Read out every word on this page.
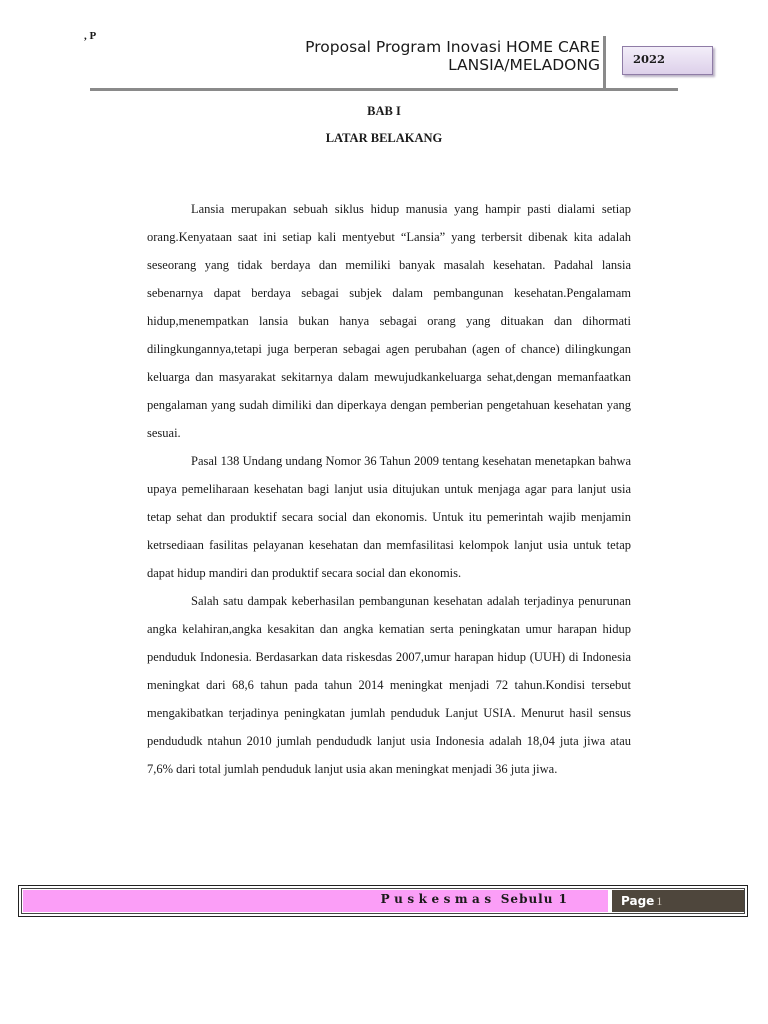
, P
Proposal Program Inovasi HOME CARE
LANSIA/MELADONG	2022
BAB I
LATAR BELAKANG

Lansia merupakan sebuah siklus hidup manusia yang hampir pasti dialami setiap orang.Kenyataan saat ini setiap kali mentyebut “Lansia” yang terbersit dibenak kita adalah seseorang yang tidak berdaya dan memiliki banyak masalah kesehatan. Padahal lansia sebenarnya dapat berdaya sebagai subjek dalam pembangunan kesehatan.Pengalamam hidup,menempatkan lansia bukan hanya sebagai orang yang dituakan dan dihormati dilingkungannya,tetapi juga berperan sebagai agen perubahan (agen of chance) dilingkungan keluarga dan masyarakat sekitarnya dalam mewujudkankeluarga sehat,dengan memanfaatkan pengalaman yang sudah dimiliki dan diperkaya dengan pemberian pengetahuan kesehatan yang sesuai.

Pasal 138 Undang undang Nomor 36 Tahun 2009 tentang kesehatan menetapkan bahwa upaya pemeliharaan kesehatan bagi lanjut usia ditujukan untuk menjaga agar para lanjut usia tetap sehat dan produktif secara social dan ekonomis. Untuk itu pemerintah wajib menjamin ketrsediaan fasilitas pelayanan kesehatan dan memfasilitasi kelompok lanjut usia untuk tetap dapat hidup mandiri dan produktif secara social dan ekonomis.

Salah satu dampak keberhasilan pembangunan kesehatan adalah terjadinya penurunan angka kelahiran,angka kesakitan dan angka kematian serta peningkatan umur harapan hidup penduduk Indonesia. Berdasarkan data riskesdas 2007,umur harapan hidup (UUH) di Indonesia meningkat dari 68,6 tahun pada tahun 2014 meningkat menjadi 72 tahun.Kondisi tersebut mengakibatkan terjadinya peningkatan jumlah penduduk Lanjut USIA. Menurut hasil sensus pendududk ntahun 2010 jumlah pendududk lanjut usia Indonesia adalah 18,04 juta jiwa atau 7,6% dari total jumlah penduduk lanjut usia akan meningkat menjadi 36 juta jiwa.

Puskesmas Sebulu 1	Page 1
